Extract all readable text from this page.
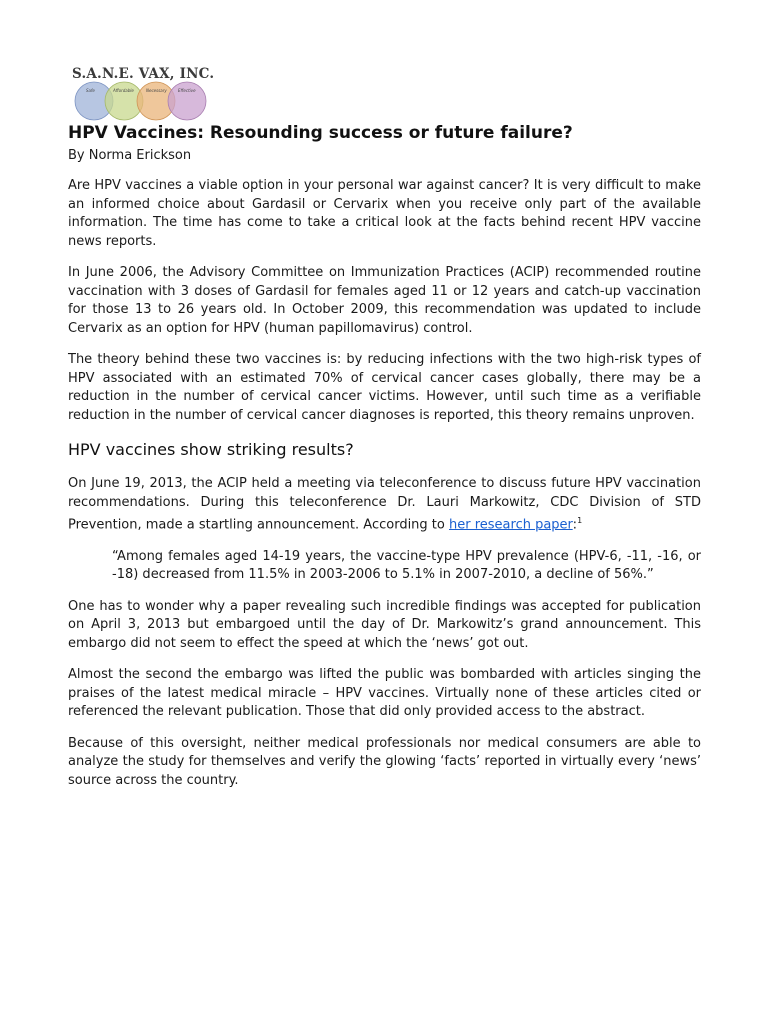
S.A.N.E. VAX, INC.
Safe	Affordable	Necessary	Effective
HPV Vaccines: Resounding success or future failure?
By Norma Erickson

Are HPV vaccines a viable option in your personal war against cancer? It is very difficult to make an informed choice about Gardasil or Cervarix when you receive only part of the available information. The time has come to take a critical look at the facts behind recent HPV vaccine news reports.

In June 2006, the Advisory Committee on Immunization Practices (ACIP) recommended routine vaccination with 3 doses of Gardasil for females aged 11 or 12 years and catch-up vaccination for those 13 to 26 years old. In October 2009, this recommendation was updated to include Cervarix as an option for HPV (human papillomavirus) control.

The theory behind these two vaccines is: by reducing infections with the two high-risk types of HPV associated with an estimated 70% of cervical cancer cases globally, there may be a reduction in the number of cervical cancer victims. However, until such time as a verifiable reduction in the number of cervical cancer diagnoses is reported, this theory remains unproven.

HPV vaccines show striking results?

On June 19, 2013, the ACIP held a meeting via teleconference to discuss future HPV vaccination recommendations. During this teleconference Dr. Lauri Markowitz, CDC Division of STD Prevention, made a startling announcement. According to her research paper:$^1$

“Among females aged 14-19 years, the vaccine-type HPV prevalence (HPV-6, -11, -16, or -18) decreased from 11.5% in 2003-2006 to 5.1% in 2007-2010, a decline of 56%.”

One has to wonder why a paper revealing such incredible findings was accepted for publication on April 3, 2013 but embargoed until the day of Dr. Markowitz’s grand announcement. This embargo did not seem to effect the speed at which the ‘news’ got out.

Almost the second the embargo was lifted the public was bombarded with articles singing the praises of the latest medical miracle – HPV vaccines. Virtually none of these articles cited or referenced the relevant publication. Those that did only provided access to the abstract.

Because of this oversight, neither medical professionals nor medical consumers are able to analyze the study for themselves and verify the glowing ‘facts’ reported in virtually every ‘news’ source across the country.
